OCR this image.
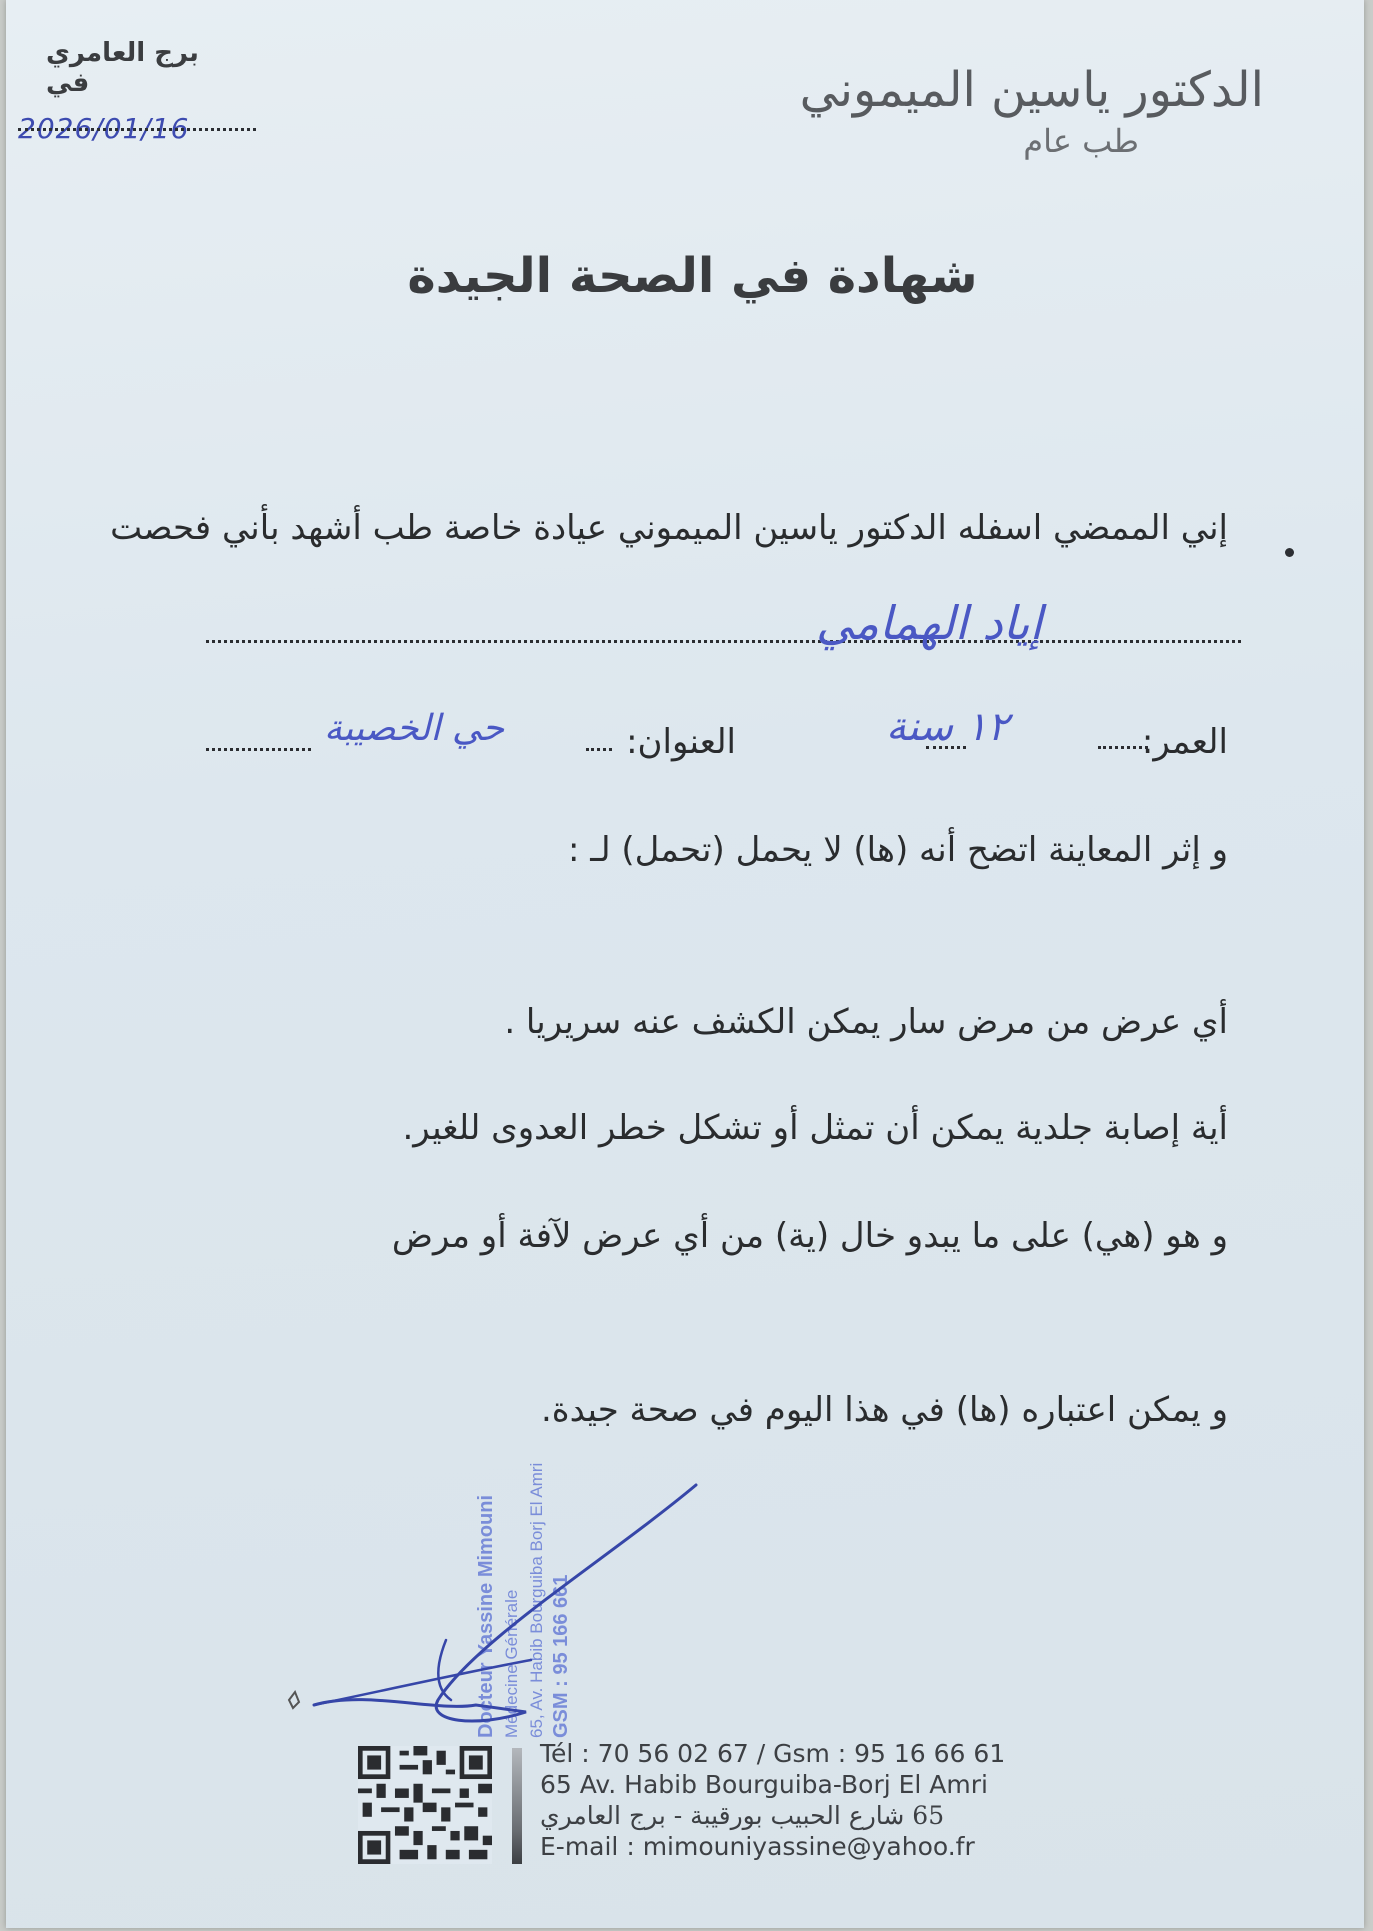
برج العامري في
2026/01/16
الدكتور ياسين الميموني
طب عام
شهادة في الصحة الجيدة
إني الممضي اسفله الدكتور ياسين الميموني عيادة خاصة طب أشهد بأني فحصت
إياد الهمامي
العمر:
١٢ سنة
العنوان:
حي الخصيبة
و إثر المعاينة اتضح أنه (ها) لا يحمل (تحمل) لـ :
أي عرض من مرض سار يمكن الكشف عنه سريريا .
أية إصابة جلدية يمكن أن تمثل أو تشكل خطر العدوى للغير.
و هو (هي) على ما يبدو خال (ية) من أي عرض لآفة أو مرض
و يمكن اعتباره (ها) في هذا اليوم في صحة جيدة.
Docteur Yassine Mimouni Médecine Générale 65, Av. Habib Bourguiba Borj El Amri GSM : 95 166 661
Tél : 70 56 02 67 / Gsm : 95 16 66 61
65 Av. Habib Bourguiba-Borj El Amri
65 شارع الحبيب بورقيبة - برج العامري
E-mail : mimouniyassine@yahoo.fr
